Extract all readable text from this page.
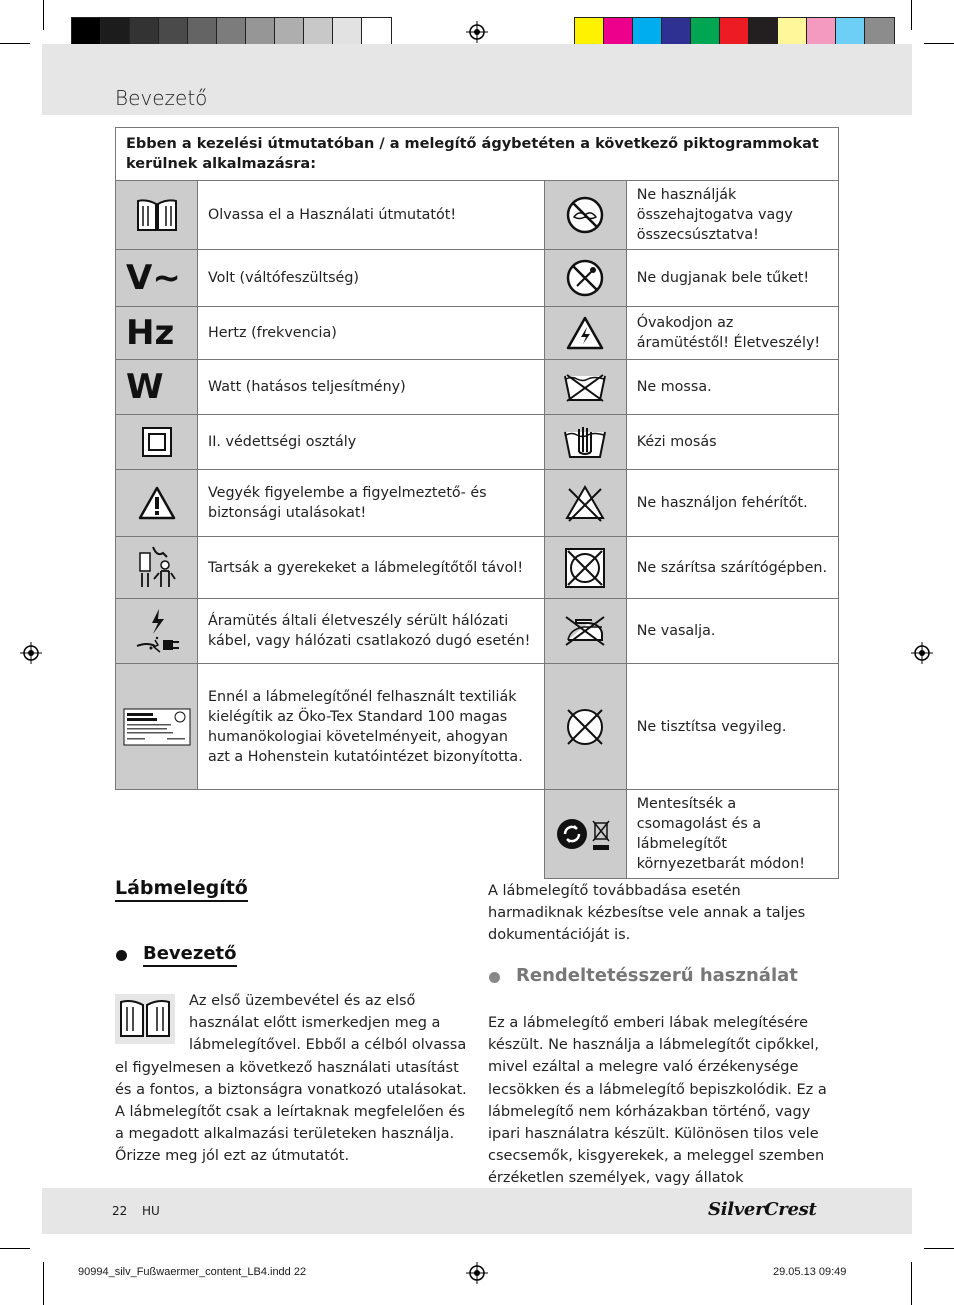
Bevezető
Ebben a kezelési útmutatóban / a melegítő ágybetéten a következő piktogrammokat kerülnek alkalmazásra:			

	Olvassa el a Használati útmutatót!		Ne használják összehajtogatva vagy összecsúsztatva!

V~	Volt (váltófeszültség)		Ne dugjanak bele tűket!

Hz	Hertz (frekvencia)		Óvakodjon az áramütéstől! Életveszély!

W	Watt (hatásos teljesítmény)		Ne mossa.

	II. védettségi osztály		Kézi mosás

	Vegyék figyelembe a figyelmeztető- és biztonsági utalásokat!		Ne használjon fehérítőt.

	Tartsák a gyerekeket a lábmelegítőtől távol!		Ne szárítsa szárítógépben.

	Áramütés általi életveszély sérült hálózati kábel, vagy hálózati csatlakozó dugó esetén!		Ne vasalja.

	Ennél a lábmelegítőnél felhasznált textiliák kielégítik az Öko-Tex Standard 100 magas humanökologiai követelményeit, ahogyan azt a Hohenstein kutatóintézet bizonyította.		Ne tisztítsa vegyileg.

	Mentesítsék a csomagolást és a lábmelegítőt környezetbarát módon!
Lábmelegítő
Bevezető
Az első üzembevétel és az első használat előtt ismerkedjen meg a lábmelegítővel. Ebből a célból olvassa el figyelmesen a következő használati utasítást és a fontos, a biztonságra vonatkozó utalásokat. A lábmelegítőt csak a leírtaknak megfelelően és a megadott alkalmazási területeken használja. Őrizze meg jól ezt az útmutatót.
A lábmelegítő továbbadása esetén harmadiknak kézbesítse vele annak a taljes dokumentációját is.
Rendeltetésszerű használat
Ez a lábmelegítő emberi lábak melegítésére készült. Ne használja a lábmelegítőt cipőkkel, mivel ezáltal a melegre való érzékenysége lecsökken és a lábmelegítő bepiszkolódik. Ez a lábmelegítő nem kórházakban történő, vagy ipari használatra készült. Különösen tilos vele csecsemők, kisgyerekek, a meleggel szemben érzéketlen személyek, vagy állatok
22 HU	SilverCrest
90994_silv_Fußwaermer_content_LB4.indd 22	29.05.13 09:49
